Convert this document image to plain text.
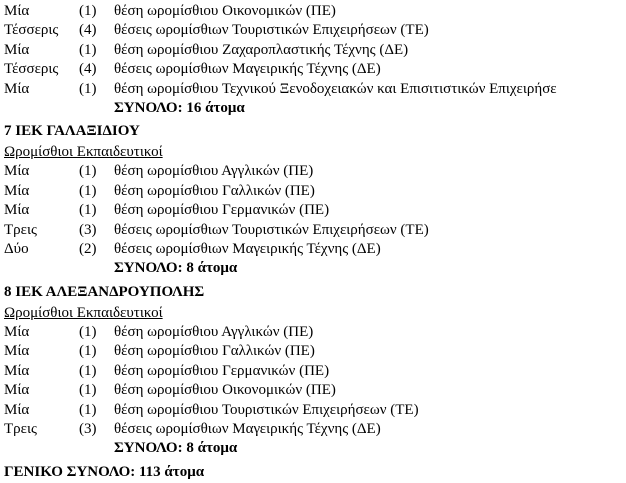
Μία	(1)	θέση ωρομίσθιου Οικονομικών (ΠΕ)
Τέσσερις	(4)	θέσεις ωρομίσθιων Τουριστικών Επιχειρήσεων (ΤΕ)
Μία	(1)	θέση ωρομίσθιου Ζαχαροπλαστικής Τέχνης (ΔΕ)
Τέσσερις	(4)	θέσεις ωρομίσθιων Μαγειρικής Τέχνης (ΔΕ)
Μία	(1)	θέση ωρομίσθιου Τεχνικού Ξενοδοχειακών και Επισιτιστικών Επιχειρήσε
ΣΥΝΟΛΟ: 16 άτομα
7 ΙΕΚ ΓΑΛΑΞΙΔΙΟΥ
Ωρομίσθιοι Εκπαιδευτικοί
Μία	(1)	θέση ωρομίσθιου Αγγλικών (ΠΕ)
Μία	(1)	θέση ωρομίσθιου Γαλλικών (ΠΕ)
Μία	(1)	θέση ωρομίσθιου Γερμανικών (ΠΕ)
Τρεις	(3)	θέσεις ωρομίσθιων Τουριστικών Επιχειρήσεων (ΤΕ)
Δύο	(2)	θέσεις ωρομίσθιων Μαγειρικής Τέχνης (ΔΕ)
ΣΥΝΟΛΟ: 8 άτομα
8 ΙΕΚ ΑΛΕΞΑΝΔΡΟΥΠΟΛΗΣ
Ωρομίσθιοι Εκπαιδευτικοί
Μία	(1)	θέση ωρομίσθιου Αγγλικών (ΠΕ)
Μία	(1)	θέση ωρομίσθιου Γαλλικών (ΠΕ)
Μία	(1)	θέση ωρομίσθιου Γερμανικών (ΠΕ)
Μία	(1)	θέση ωρομίσθιου Οικονομικών (ΠΕ)
Μία	(1)	θέση ωρομίσθιου Τουριστικών Επιχειρήσεων (ΤΕ)
Τρεις	(3)	θέσεις ωρομίσθιων Μαγειρικής Τέχνης (ΔΕ)
ΣΥΝΟΛΟ: 8 άτομα
ΓΕΝΙΚΟ ΣΥΝΟΛΟ: 113 άτομα
